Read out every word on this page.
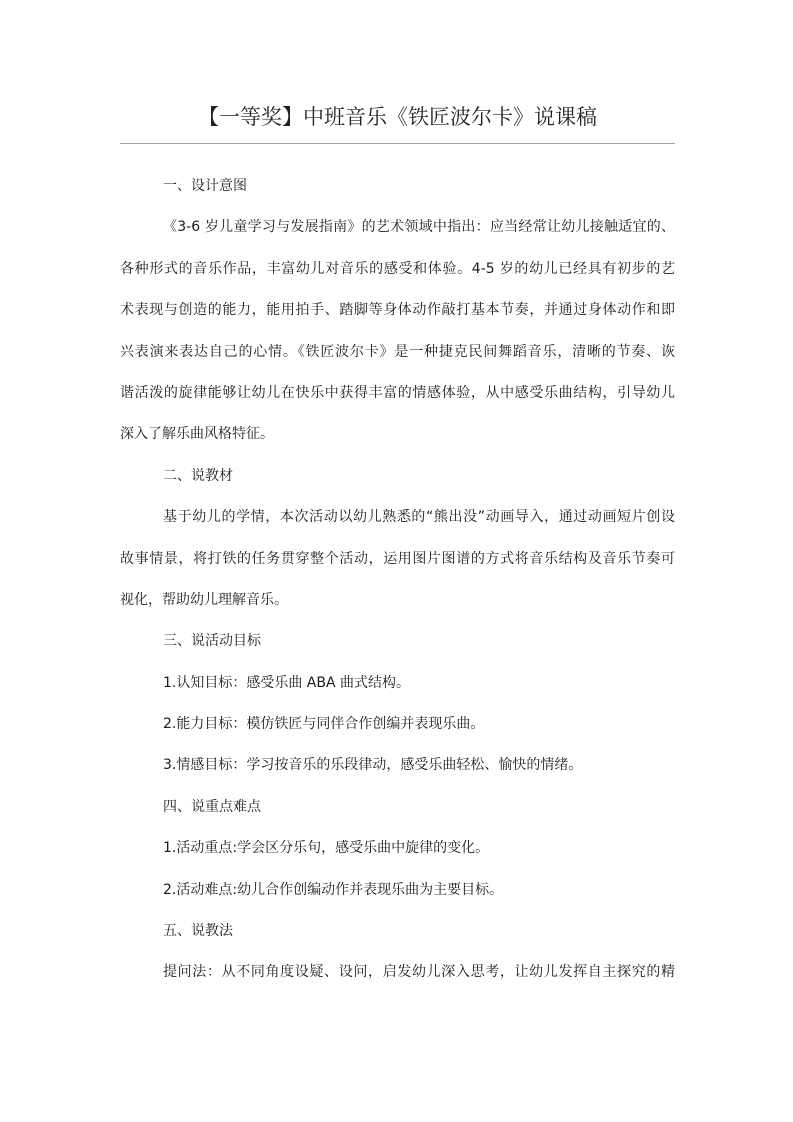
【一等奖】中班音乐《铁匠波尔卡》说课稿
一、设计意图
《3-6 岁儿童学习与发展指南》的艺术领域中指出：应当经常让幼儿接触适宜的、
各种形式的音乐作品，丰富幼儿对音乐的感受和体验。4-5 岁的幼儿已经具有初步的艺
术表现与创造的能力，能用拍手、踏脚等身体动作敲打基本节奏，并通过身体动作和即
兴表演来表达自己的心情。《铁匠波尔卡》是一种捷克民间舞蹈音乐，清晰的节奏、诙
谐活泼的旋律能够让幼儿在快乐中获得丰富的情感体验，从中感受乐曲结构，引导幼儿
深入了解乐曲风格特征。
二、说教材
基于幼儿的学情，本次活动以幼儿熟悉的“熊出没”动画导入，通过动画短片创设
故事情景，将打铁的任务贯穿整个活动，运用图片图谱的方式将音乐结构及音乐节奏可
视化，帮助幼儿理解音乐。
三、说活动目标
1.认知目标：感受乐曲 ABA 曲式结构。
2.能力目标：模仿铁匠与同伴合作创编并表现乐曲。
3.情感目标：学习按音乐的乐段律动，感受乐曲轻松、愉快的情绪。
四、说重点难点
1.活动重点:学会区分乐句，感受乐曲中旋律的变化。
2.活动难点:幼儿合作创编动作并表现乐曲为主要目标。
五、说教法
提问法：从不同角度设疑、设问，启发幼儿深入思考，让幼儿发挥自主探究的精
